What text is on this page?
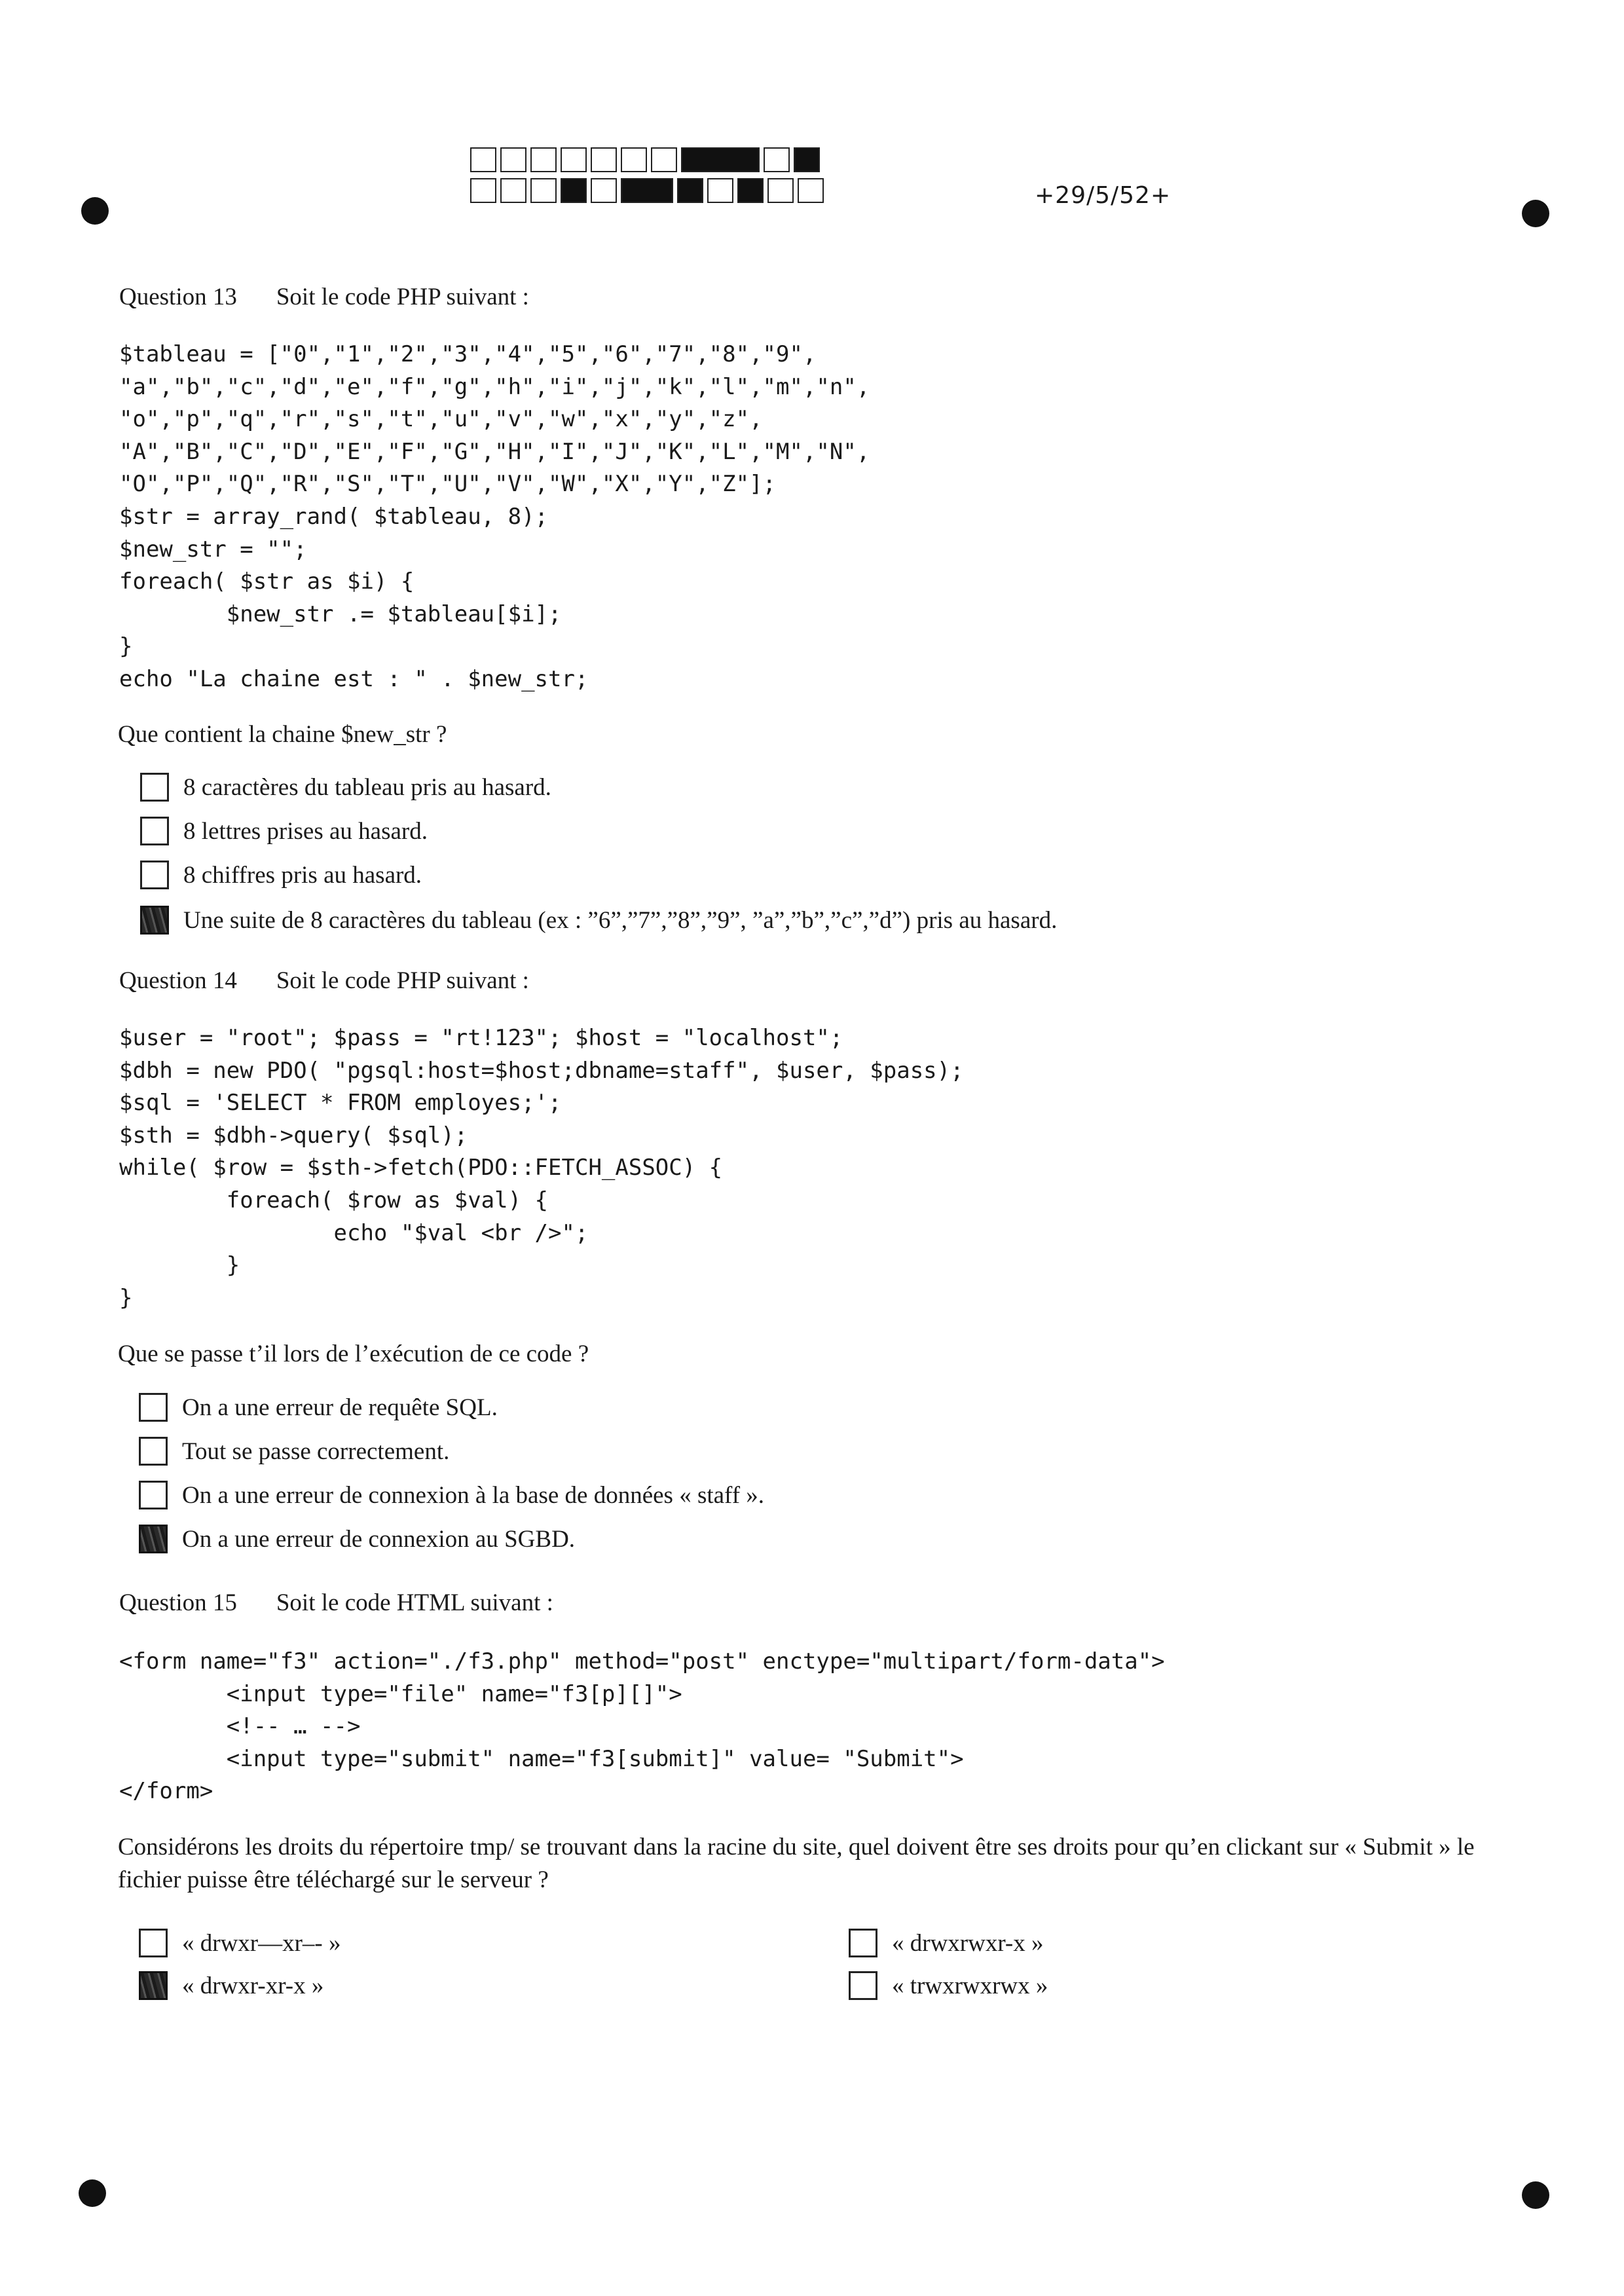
+29/5/52+
Question 13 Soit le code PHP suivant :
$tableau = ["0","1","2","3","4","5","6","7","8","9",
"a","b","c","d","e","f","g","h","i","j","k","l","m","n",
"o","p","q","r","s","t","u","v","w","x","y","z",
"A","B","C","D","E","F","G","H","I","J","K","L","M","N",
"O","P","Q","R","S","T","U","V","W","X","Y","Z"];
$str = array_rand( $tableau, 8);
$new_str = "";
foreach( $str as $i) {
$new_str .= $tableau[$i];
}
echo "La chaine est : " . $new_str;
Que contient la chaine $new_str ?
8 caractères du tableau pris au hasard.
8 lettres prises au hasard.
8 chiffres pris au hasard.
Une suite de 8 caractères du tableau (ex : ”6”,”7”,”8”,”9”, ”a”,”b”,”c”,”d”) pris au hasard.
Question 14 Soit le code PHP suivant :
$user = "root"; $pass = "rt!123"; $host = "localhost";
$dbh = new PDO( "pgsql:host=$host;dbname=staff", $user, $pass);
$sql = 'SELECT * FROM employes;';
$sth = $dbh->query( $sql);
while( $row = $sth->fetch(PDO::FETCH_ASSOC) {
foreach( $row as $val) {
echo "$val <br />";
}
}
Que se passe t’il lors de l’exécution de ce code ?
On a une erreur de requête SQL.
Tout se passe correctement.
On a une erreur de connexion à la base de données « staff ».
On a une erreur de connexion au SGBD.
Question 15 Soit le code HTML suivant :
<form name="f3" action="./f3.php" method="post" enctype="multipart/form-data">
<input type="file" name="f3[p][]">
<!-- … -->
<input type="submit" name="f3[submit]" value= "Submit">
</form>
Considérons les droits du répertoire tmp/ se trouvant dans la racine du site, quel doivent être ses droits pour qu’en clickant sur « Submit » le fichier puisse être téléchargé sur le serveur ?
« drwxr—xr–- »
« drwxr-xr-x »
« drwxrwxr-x »
« trwxrwxrwx »
